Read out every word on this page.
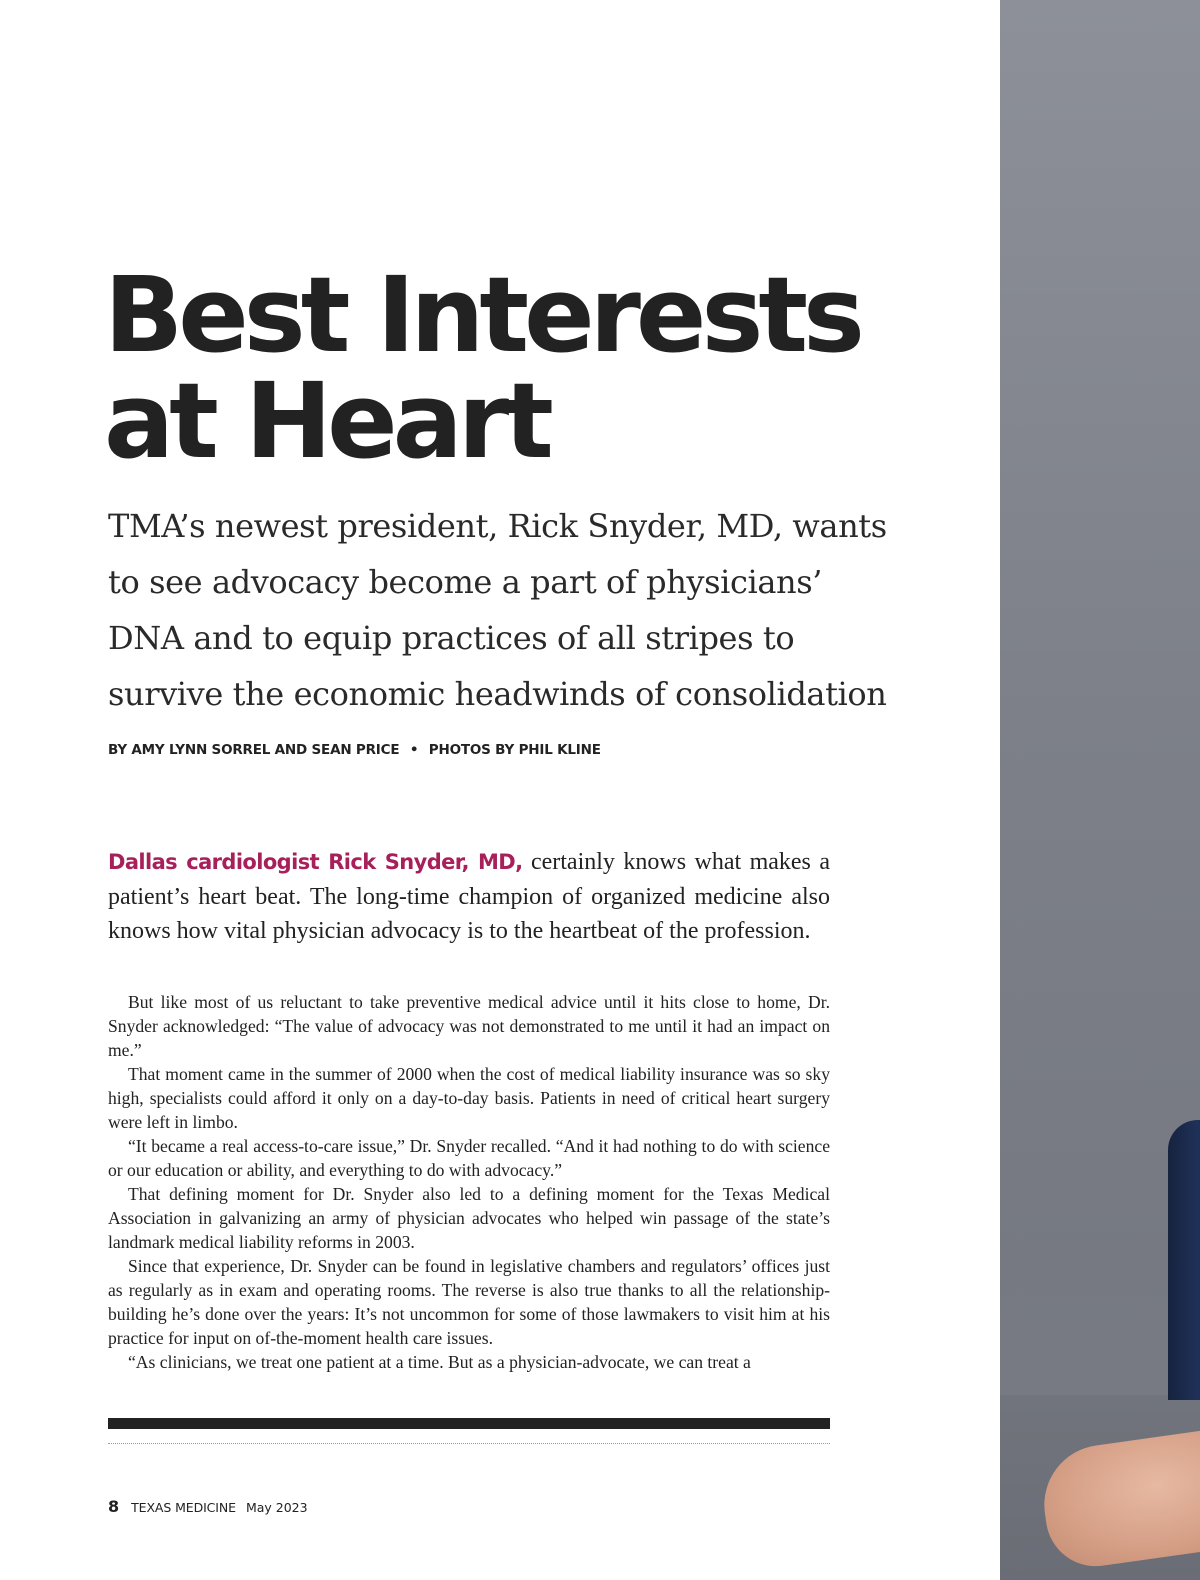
Best Interests
at Heart

TMA’s newest president, Rick Snyder, MD, wants to see advocacy become a part of physicians’ DNA and to equip practices of all stripes to survive the economic headwinds of consolidation

BY AMY LYNN SORREL AND SEAN PRICE • PHOTOS BY PHIL KLINE

Dallas cardiologist Rick Snyder, MD, certainly knows what makes a patient’s heart beat. The long-time champion of organized medicine also knows how vital physician advocacy is to the heartbeat of the profession.

But like most of us reluctant to take preventive medical advice until it hits close to home, Dr. Snyder acknowledged: “The value of advocacy was not demonstrated to me until it had an impact on me.”

That moment came in the summer of 2000 when the cost of medical liability insurance was so sky high, specialists could afford it only on a day-to-day basis. Patients in need of critical heart surgery were left in limbo.

“It became a real access-to-care issue,” Dr. Snyder recalled. “And it had nothing to do with science or our education or ability, and everything to do with advocacy.”

That defining moment for Dr. Snyder also led to a defining moment for the Texas Medical Association in galvanizing an army of physician advocates who helped win passage of the state’s landmark medical liability reforms in 2003.

Since that experience, Dr. Snyder can be found in legislative chambers and regulators’ offices just as regularly as in exam and operating rooms. The reverse is also true thanks to all the relationship-building he’s done over the years: It’s not uncommon for some of those lawmakers to visit him at his practice for input on of-the-moment health care issues.

“As clinicians, we treat one patient at a time. But as a physician-advocate, we can treat a

8 TEXAS MEDICINE May 2023
